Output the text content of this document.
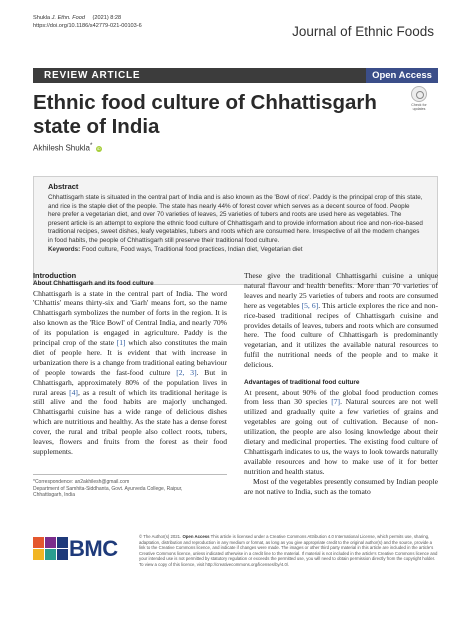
Shukla J. Ethn. Food (2021) 8:28
https://doi.org/10.1186/s42779-021-00103-6	Journal of Ethnic Foods
REVIEW ARTICLE	Open Access
Ethnic food culture of Chhattisgarh state of India
Check for
updates
Akhilesh Shukla* iD
Abstract
Chhattisgarh state is situated in the central part of India and is also known as the 'Bowl of rice'. Paddy is the principal crop of this state, and rice is the staple diet of the people. The state has nearly 44% of forest cover which serves as a decent source of food. People here prefer a vegetarian diet, and over 70 varieties of leaves, 25 varieties of tubers and roots are used here as vegetables. The present article is an attempt to explore the ethnic food culture of Chhattisgarh and to provide information about rice and non-rice-based traditional recipes, sweet dishes, leafy vegetables, tubers and roots which are consumed here. Irrespective of all the modern changes in food habits, the people of Chhattisgarh still preserve their traditional food culture.
Keywords: Food culture, Food ways, Traditional food practices, Indian diet, Vegetarian diet
Introduction
About Chhattisgarh and its food culture

Chhattisgarh is a state in the central part of India. The word 'Chhattis' means thirty-six and 'Garh' means fort, so the name Chhattisgarh symbolizes the number of forts in the region. It is also known as the 'Rice Bowl' of Central India, and nearly 70% of its population is engaged in agriculture. Paddy is the principal crop of the state [1] which also constitutes the main diet of people here. It is evident that with increase in urbanization there is a change from traditional eating behaviour of people towards the fast-food culture [2, 3]. But in Chhattisgarh, approximately 80% of the population lives in rural areas [4], as a result of which its traditional heritage is still alive and the food habits are majorly unchanged. Chhattisgarhi cuisine has a wide range of delicious dishes which are nutritious and healthy. As the state has a dense forest cover, the rural and tribal people also collect roots, tubers, leaves, flowers and fruits from the forest as their food supplements.

These give the traditional Chhattisgarhi cuisine a unique natural flavour and health benefits. More than 70 varieties of leaves and nearly 25 varieties of tubers and roots are consumed here as vegetables [5, 6]. This article explores the rice and non-rice-based traditional recipes of Chhattisgarh cuisine and provides details of leaves, tubers and roots which are consumed here. The food culture of Chhattisgarh is predominantly vegetarian, and it utilizes the available natural resources to fulfil the nutritional needs of the people and to make it delicious.

Advantages of traditional food culture

At present, about 90% of the global food production comes from less than 30 species [7]. Natural sources are not well utilized and gradually quite a few varieties of grains and vegetables are going out of cultivation. Because of non-utilization, the people are also losing knowledge about their dietary and medicinal properties. The existing food culture of Chhattisgarh indicates to us, the ways to look towards naturally available resources and how to make use of it for better nutrition and health status.

Most of the vegetables presently consumed by Indian people are not native to India, such as the tomato

*Correspondence: an2akhilesh@gmail.com
Department of Samhita-Siddhanta, Govt. Ayurveda College, Raipur,
Chhattisgarh, India
BMC	© The Author(s) 2021. Open Access This article is licensed under a Creative Commons Attribution 4.0 International License, which permits use, sharing, adaptation, distribution and reproduction in any medium or format, as long as you give appropriate credit to the original author(s) and the source, provide a link to the Creative Commons licence, and indicate if changes were made. The images or other third party material in this article are included in the article's Creative Commons licence, unless indicated otherwise in a credit line to the material. If material is not included in the article's Creative Commons licence and your intended use is not permitted by statutory regulation or exceeds the permitted use, you will need to obtain permission directly from the copyright holder. To view a copy of this licence, visit http://creativecommons.org/licenses/by/4.0/.
